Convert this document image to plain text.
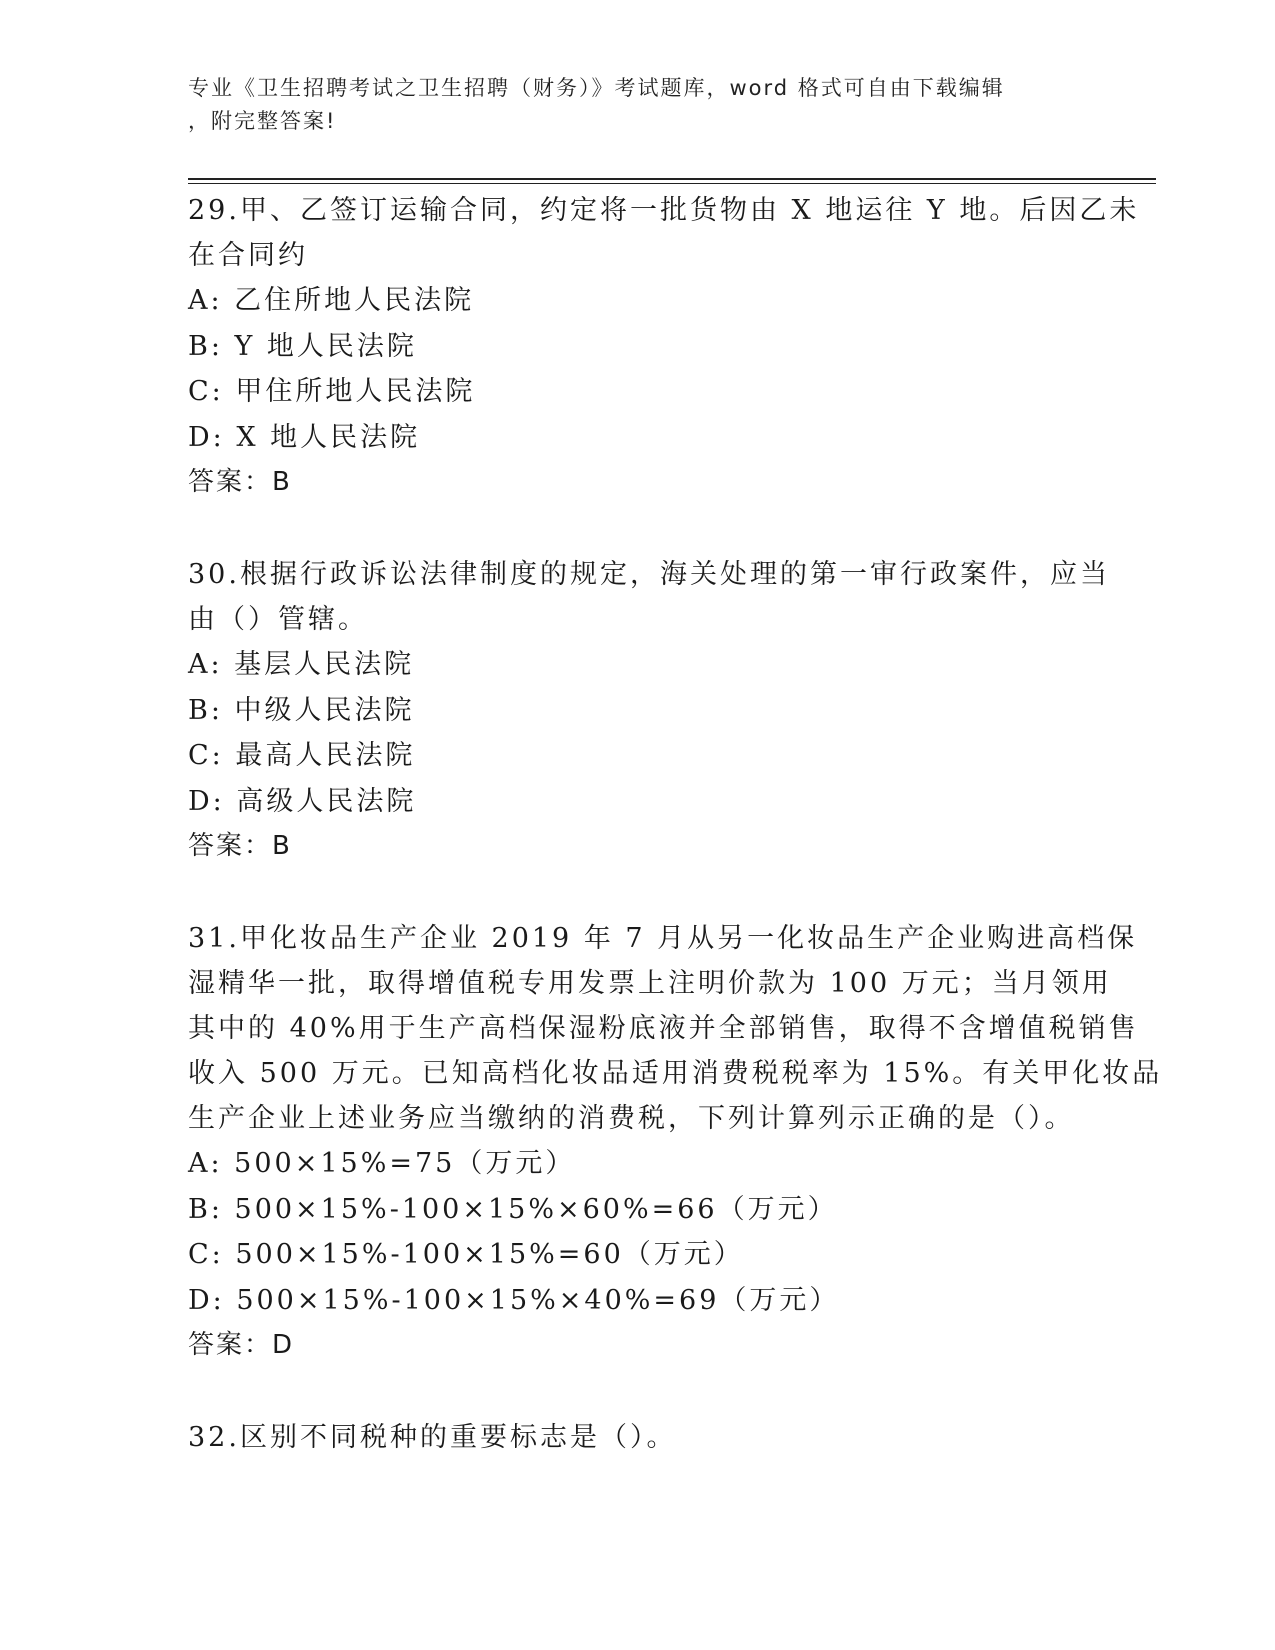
专业《卫生招聘考试之卫生招聘（财务）》考试题库，word 格式可自由下载编辑
，附完整答案!
29.甲、乙签订运输合同，约定将一批货物由 X 地运往 Y 地。后因乙未
在合同约
A: 乙住所地人民法院
B: Y 地人民法院
C: 甲住所地人民法院
D: X 地人民法院
答案：B
30.根据行政诉讼法律制度的规定，海关处理的第一审行政案件，应当
由（）管辖。
A: 基层人民法院
B: 中级人民法院
C: 最高人民法院
D: 高级人民法院
答案：B
31.甲化妆品生产企业 2019 年 7 月从另一化妆品生产企业购进高档保
湿精华一批，取得增值税专用发票上注明价款为 100 万元；当月领用
其中的 40%用于生产高档保湿粉底液并全部销售，取得不含增值税销售
收入 500 万元。已知高档化妆品适用消费税税率为 15%。有关甲化妆品
生产企业上述业务应当缴纳的消费税，下列计算列示正确的是（）。
A: 500×15%=75（万元）
B: 500×15%-100×15%×60%=66（万元）
C: 500×15%-100×15%=60（万元）
D: 500×15%-100×15%×40%=69（万元）
答案：D
32.区别不同税种的重要标志是（）。
